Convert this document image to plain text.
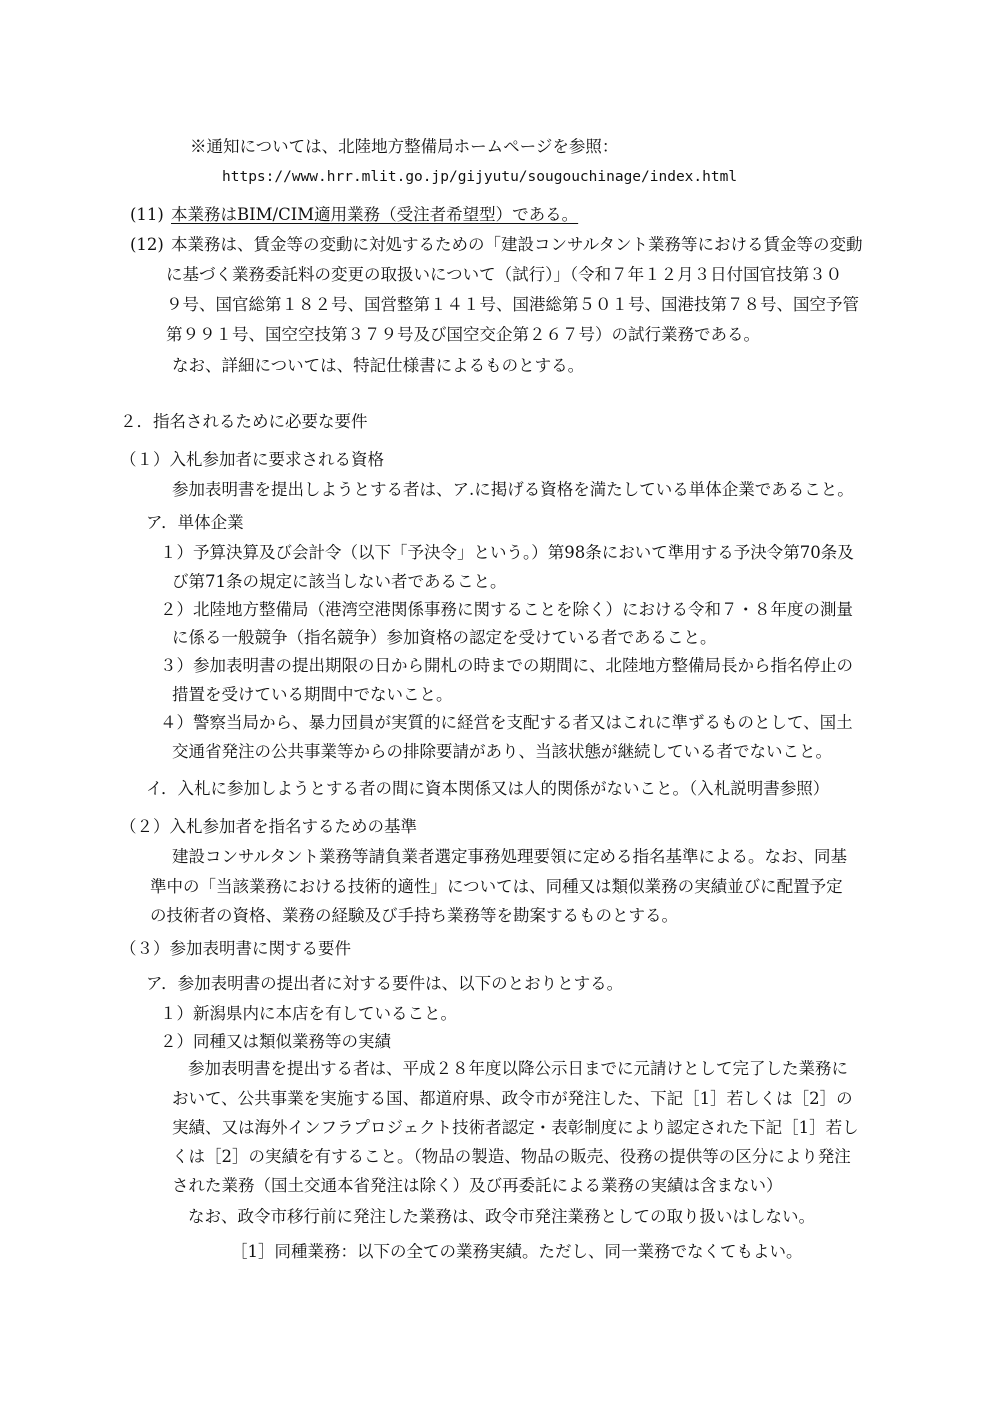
※通知については、北陸地方整備局ホームページを参照：
https://www.hrr.mlit.go.jp/gijyutu/sougouchinage/index.html
(11) 本業務はBIM/CIM適用業務（受注者希望型）である。
(12) 本業務は、賃金等の変動に対処するための「建設コンサルタント業務等における賃金等の変動
に基づく業務委託料の変更の取扱いについて（試行）」（令和７年１２月３日付国官技第３０
９号、国官総第１８２号、国営整第１４１号、国港総第５０１号、国港技第７８号、国空予管
第９９１号、国空空技第３７９号及び国空交企第２６７号）の試行業務である。
なお、詳細については、特記仕様書によるものとする。
２．指名されるために必要な要件
（１）入札参加者に要求される資格
参加表明書を提出しようとする者は、ア.に掲げる資格を満たしている単体企業であること。
ア．単体企業
１）予算決算及び会計令（以下「予決令」という。）第98条において準用する予決令第70条及
び第71条の規定に該当しない者であること。
２）北陸地方整備局（港湾空港関係事務に関することを除く）における令和７・８年度の測量
に係る一般競争（指名競争）参加資格の認定を受けている者であること。
３）参加表明書の提出期限の日から開札の時までの期間に、北陸地方整備局長から指名停止の
措置を受けている期間中でないこと。
４）警察当局から、暴力団員が実質的に経営を支配する者又はこれに準ずるものとして、国土
交通省発注の公共事業等からの排除要請があり、当該状態が継続している者でないこと。
イ．入札に参加しようとする者の間に資本関係又は人的関係がないこと。（入札説明書参照）
（２）入札参加者を指名するための基準
建設コンサルタント業務等請負業者選定事務処理要領に定める指名基準による。なお、同基
準中の「当該業務における技術的適性」については、同種又は類似業務の実績並びに配置予定
の技術者の資格、業務の経験及び手持ち業務等を勘案するものとする。
（３）参加表明書に関する要件
ア．参加表明書の提出者に対する要件は、以下のとおりとする。
１）新潟県内に本店を有していること。
２）同種又は類似業務等の実績
参加表明書を提出する者は、平成２８年度以降公示日までに元請けとして完了した業務に
おいて、公共事業を実施する国、都道府県、政令市が発注した、下記［1］若しくは［2］の
実績、又は海外インフラプロジェクト技術者認定・表彰制度により認定された下記［1］若し
くは［2］の実績を有すること。（物品の製造、物品の販売、役務の提供等の区分により発注
された業務（国土交通本省発注は除く）及び再委託による業務の実績は含まない）
なお、政令市移行前に発注した業務は、政令市発注業務としての取り扱いはしない。
［1］同種業務：以下の全ての業務実績。ただし、同一業務でなくてもよい。
